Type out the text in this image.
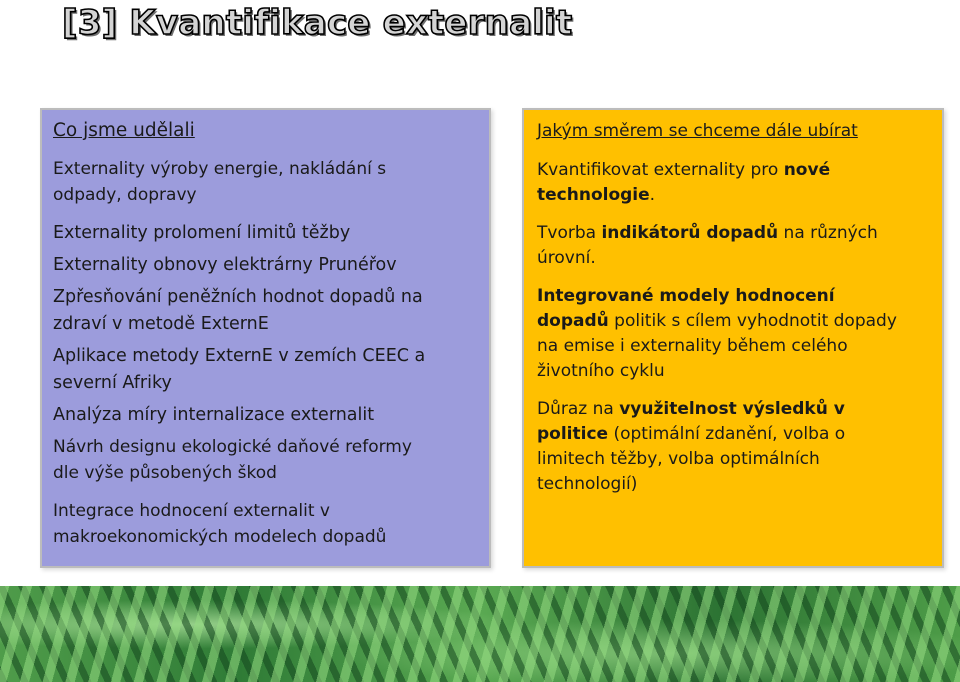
[3] Kvantifikace externalit
Co jsme udělali
Externality výroby energie, nakládání s
odpady, dopravy
Externality prolomení limitů těžby
Externality obnovy elektrárny Prunéřov
Zpřesňování peněžních hodnot dopadů na
zdraví v metodě ExternE
Aplikace metody ExternE v zemích CEEC a
severní Afriky
Analýza míry internalizace externalit
Návrh designu ekologické daňové reformy
dle výše působených škod
Integrace hodnocení externalit v
makroekonomických modelech dopadů
Jakým směrem se chceme dále ubírat
Kvantifikovat externality pro nové
technologie.
Tvorba indikátorů dopadů na různých
úrovní.
Integrované modely hodnocení
dopadů politik s cílem vyhodnotit dopady
na emise i externality během celého
životního cyklu
Důraz na využitelnost výsledků v
politice (optimální zdanění, volba o
limitech těžby, volba optimálních
technologií)
